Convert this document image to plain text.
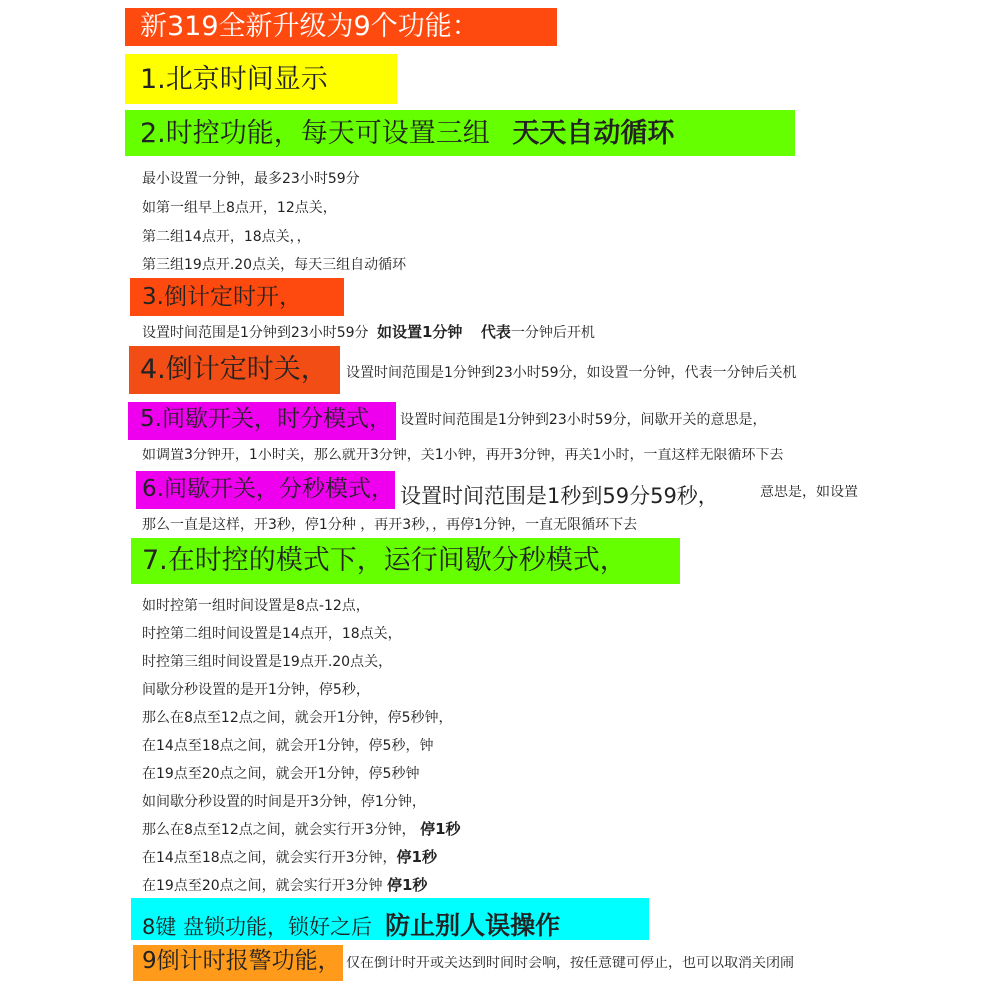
新319全新升级为9个功能：
1.北京时间显示
2.时控功能，每天可设置三组 天天自动循环
最小设置一分钟，最多23小时59分
如第一组早上8点开，12点关，
第二组14点开，18点关，，
第三组19点开.20点关，每天三组自动循环
3.倒计定时开，
设置时间范围是1分钟到23小时59分 如设置1分钟 代表一分钟后开机
4.倒计定时关， 设置时间范围是1分钟到23小时59分，如设置一分钟，代表一分钟后关机
5.间歇开关，时分模式， 设置时间范围是1分钟到23小时59分，间歇开关的意思是，
如调置3分钟开，1小时关，那么就开3分钟，关1小钟，再开3分钟，再关1小时，一直这样无限循环下去
6.间歇开关，分秒模式， 设置时间范围是1秒到59分59秒，	意思是，如设置
那么一直是这样，开3秒，停1分种 ，再开3秒，，再停1分钟，一直无限循环下去
7.在时控的模式下，运行间歇分秒模式，
如时控第一组时间设置是8点-12点，
时控第二组时间设置是14点开，18点关，
时控第三组时间设置是19点开.20点关，
间歇分秒设置的是开1分钟，停5秒，
那么在8点至12点之间，就会开1分钟，停5秒钟，
在14点至18点之间，就会开1分钟，停5秒，钟
在19点至20点之间，就会开1分钟，停5秒钟
如间歇分秒设置的时间是开3分钟，停1分钟，
那么在8点至12点之间，就会实行开3分钟， 停1秒
在14点至18点之间，就会实行开3分钟，停1秒
在19点至20点之间，就会实行开3分钟 停1秒
8键 盘锁功能，锁好之后 防止别人误操作
9倒计时报警功能， 仅在倒计时开或关达到时间时会响，按任意键可停止，也可以取消关闭闹
